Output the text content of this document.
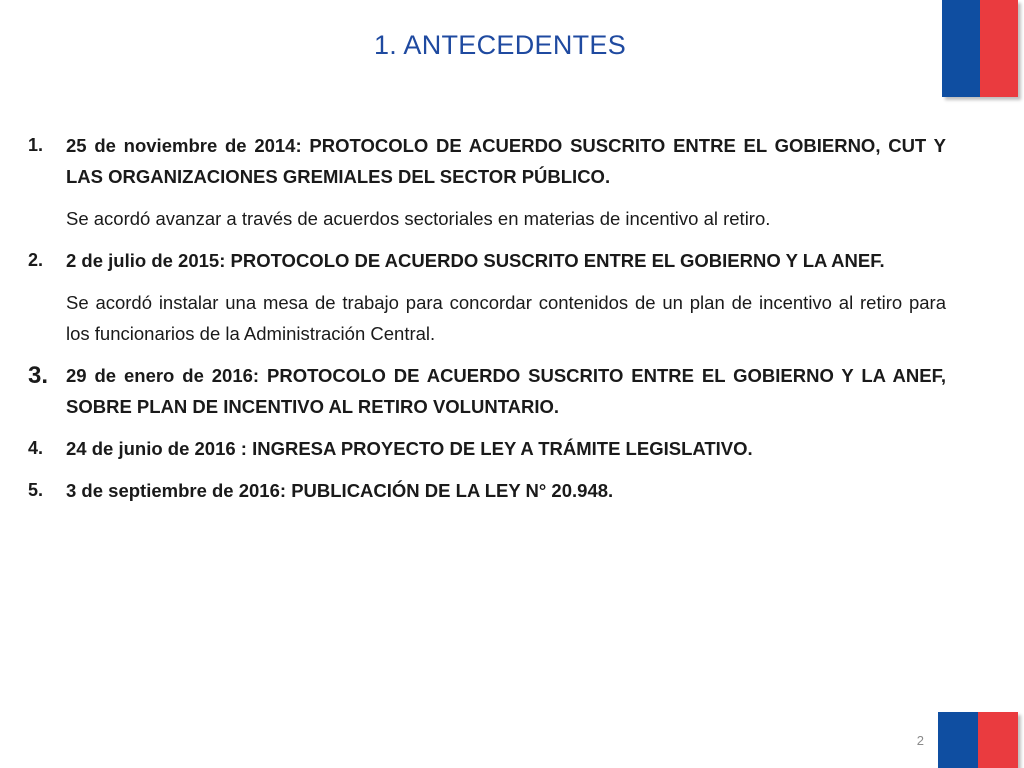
1. ANTECEDENTES
1.	25 de noviembre de 2014: PROTOCOLO DE ACUERDO SUSCRITO ENTRE EL GOBIERNO, CUT Y LAS ORGANIZACIONES GREMIALES DEL SECTOR PÚBLICO.

Se acordó avanzar a través de acuerdos sectoriales en materias de incentivo al retiro.

2.	2 de julio de 2015: PROTOCOLO DE ACUERDO SUSCRITO ENTRE EL GOBIERNO Y LA ANEF.

Se acordó instalar una mesa de trabajo para concordar contenidos de un plan de incentivo al retiro para los funcionarios de la Administración Central.

3. 29 de enero de 2016: PROTOCOLO DE ACUERDO SUSCRITO ENTRE EL GOBIERNO Y LA ANEF, SOBRE PLAN DE INCENTIVO AL RETIRO VOLUNTARIO.

4.	24 de junio de 2016 : INGRESA PROYECTO DE LEY A TRÁMITE LEGISLATIVO.

5.	3 de septiembre de 2016: PUBLICACIÓN DE LA LEY N° 20.948.

2
